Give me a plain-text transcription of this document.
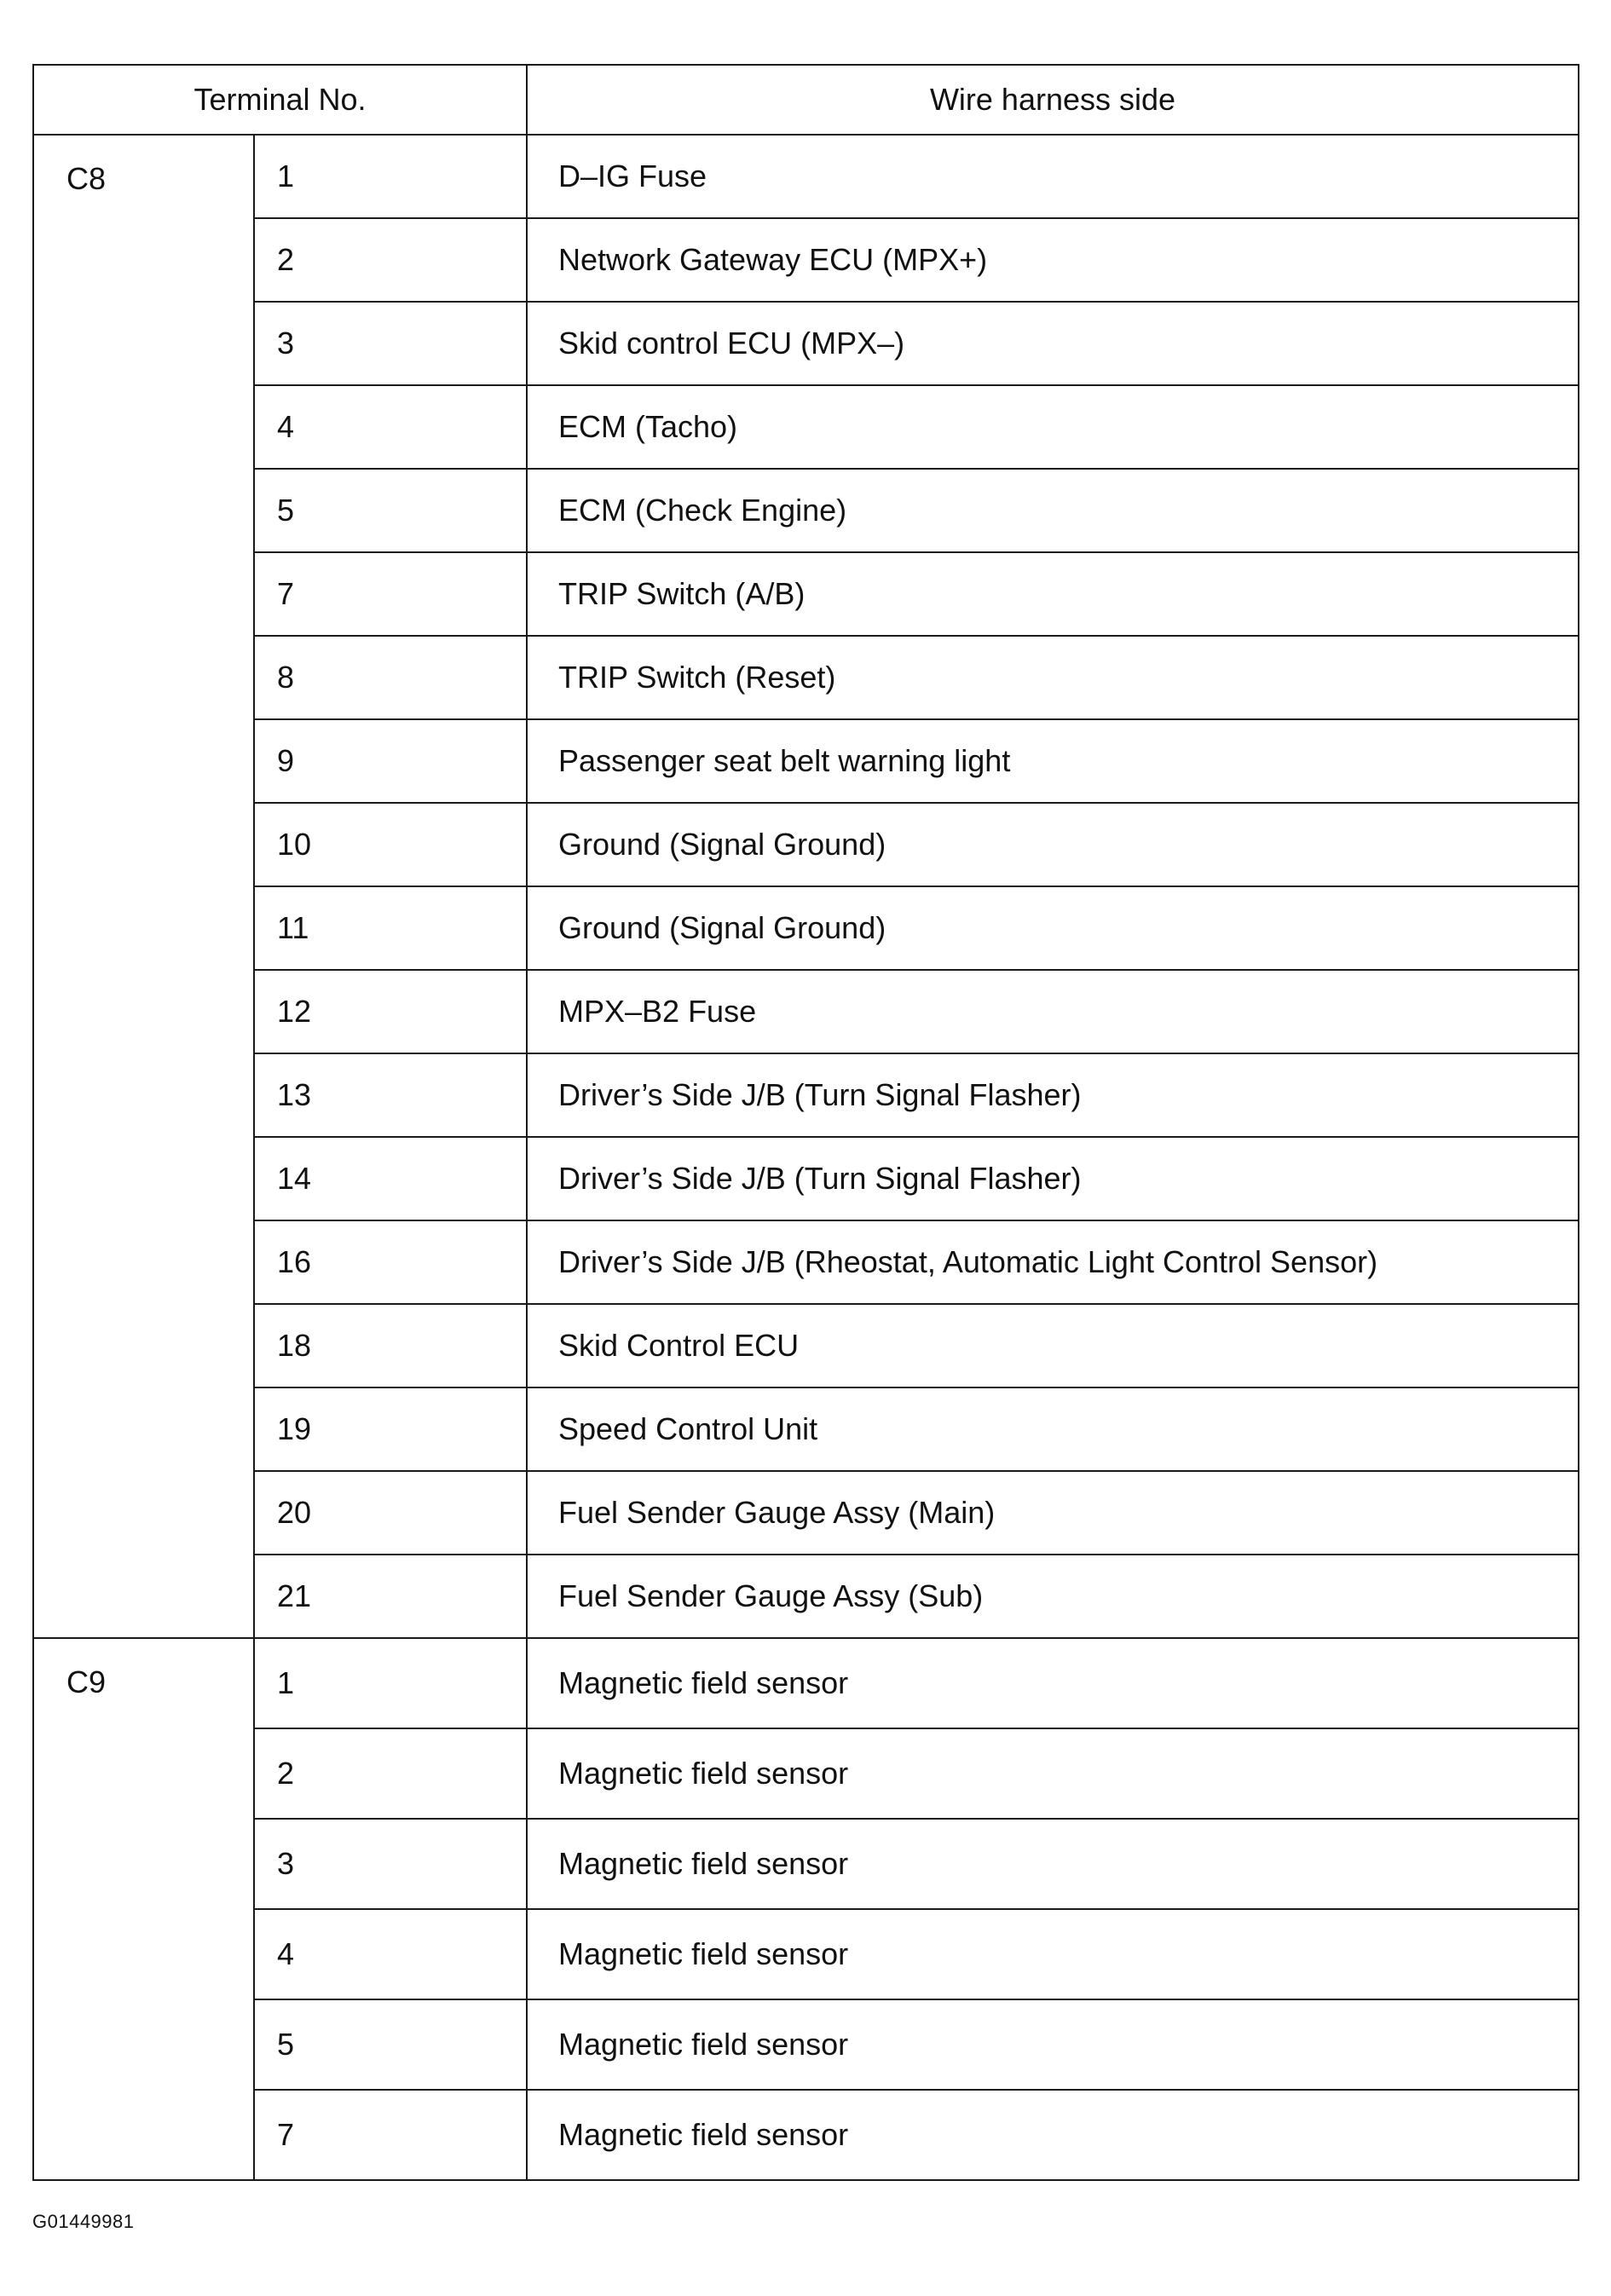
Terminal No.		Wire harness side
C8	1	D–IG Fuse
	2	Network Gateway ECU (MPX+)
	3	Skid control ECU (MPX–)
	4	ECM (Tacho)
	5	ECM (Check Engine)
	7	TRIP Switch (A/B)
	8	TRIP Switch (Reset)
	9	Passenger seat belt warning light
	10	Ground (Signal Ground)
	11	Ground (Signal Ground)
	12	MPX–B2 Fuse
	13	Driver’s Side J/B (Turn Signal Flasher)
	14	Driver’s Side J/B (Turn Signal Flasher)
	16	Driver’s Side J/B (Rheostat, Automatic Light Control Sensor)
	18	Skid Control ECU
	19	Speed Control Unit
	20	Fuel Sender Gauge Assy (Main)
	21	Fuel Sender Gauge Assy (Sub)
C9	1	Magnetic field sensor
	2	Magnetic field sensor
	3	Magnetic field sensor
	4	Magnetic field sensor
	5	Magnetic field sensor
	7	Magnetic field sensor
G01449981
